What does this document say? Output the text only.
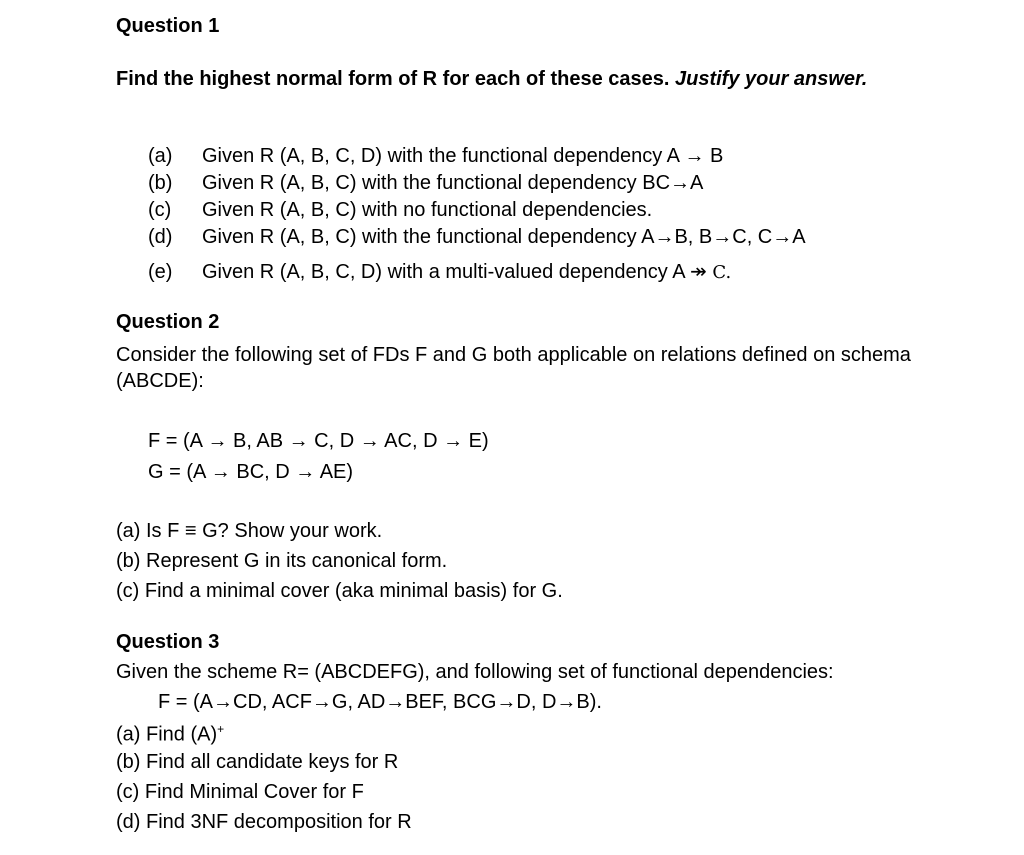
Question 1
Find the highest normal form of R for each of these cases. Justify your answer.
(a) Given R (A, B, C, D) with the functional dependency A → B
(b) Given R (A, B, C) with the functional dependency BC→A
(c) Given R (A, B, C) with no functional dependencies.
(d) Given R (A, B, C) with the functional dependency A→B, B→C, C→A
(e) Given R (A, B, C, D) with a multi-valued dependency A ↠ C.
Question 2
Consider the following set of FDs F and G both applicable on relations defined on schema (ABCDE):
F = (A → B, AB → C, D → AC, D → E)
G = (A → BC, D → AE)
(a) Is F ≡ G? Show your work.
(b) Represent G in its canonical form.
(c) Find a minimal cover (aka minimal basis) for G.
Question 3
Given the scheme R= (ABCDEFG), and following set of functional dependencies:
F = (A→CD, ACF→G, AD→BEF, BCG→D, D→B).
(a) Find (A)+
(b) Find all candidate keys for R
(c) Find Minimal Cover for F
(d) Find 3NF decomposition for R
